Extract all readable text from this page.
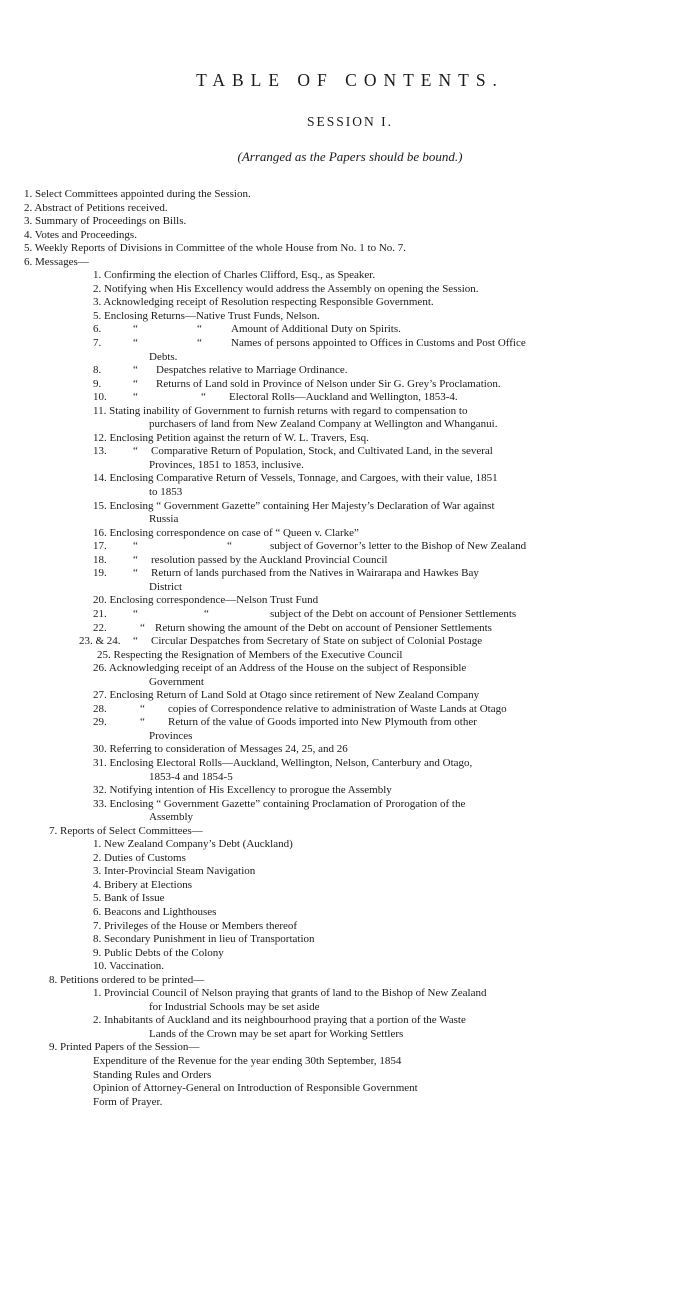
TABLE OF CONTENTS.
SESSION I.
(Arranged as the Papers should be bound.)
1. Select Committees appointed during the Session.
2. Abstract of Petitions received.
3. Summary of Proceedings on Bills.
4. Votes and Proceedings.
5. Weekly Reports of Divisions in Committee of the whole House from No. 1 to No. 7.
6. Messages—
1. Confirming the election of Charles Clifford, Esq., as Speaker.
2. Notifying when His Excellency would address the Assembly on opening the Session.
3. Acknowledging receipt of Resolution respecting Responsible Government.
5. Enclosing Returns—Native Trust Funds, Nelson.
6.	“	“	Amount of Additional Duty on Spirits.
7.	“	“	Names of persons appointed to Offices in Customs and Post Office
Debts.
8.	“ Despatches relative to Marriage Ordinance.
9.	“ Returns of Land sold in Province of Nelson under Sir G. Grey’s Proclamation.
10. “	“ Electoral Rolls—Auckland and Wellington, 1853-4.
11. Stating inability of Government to furnish returns with regard to compensation to
purchasers of land from New Zealand Company at Wellington and Whanganui.
12. Enclosing Petition against the return of W. L. Travers, Esq.
13. “ Comparative Return of Population, Stock, and Cultivated Land, in the several
Provinces, 1851 to 1853, inclusive.
14. Enclosing Comparative Return of Vessels, Tonnage, and Cargoes, with their value, 1851
to 1853
15. Enclosing “ Government Gazette” containing Her Majesty’s Declaration of War against
Russia
16. Enclosing correspondence on case of “ Queen v. Clarke”
17. “	“	subject of Governor’s letter to the Bishop of New Zealand
18. “ resolution passed by the Auckland Provincial Council
19. “ Return of lands purchased from the Natives in Wairarapa and Hawkes Bay
District
20. Enclosing correspondence—Nelson Trust Fund
21. “	“	subject of the Debt on account of Pensioner Settlements
22.	“ Return showing the amount of the Debt on account of Pensioner Settlements
23. & 24. “ Circular Despatches from Secretary of State on subject of Colonial Postage
25. Respecting the Resignation of Members of the Executive Council
26. Acknowledging receipt of an Address of the House on the subject of Responsible
Government
27. Enclosing Return of Land Sold at Otago since retirement of New Zealand Company
28.	“ copies of Correspondence relative to administration of Waste Lands at Otago
29.	“ Return of the value of Goods imported into New Plymouth from other
Provinces
30. Referring to consideration of Messages 24, 25, and 26
31. Enclosing Electoral Rolls—Auckland, Wellington, Nelson, Canterbury and Otago,
1853-4 and 1854-5
32. Notifying intention of His Excellency to prorogue the Assembly
33. Enclosing “ Government Gazette” containing Proclamation of Prorogation of the
Assembly
7. Reports of Select Committees—
1. New Zealand Company’s Debt (Auckland)
2. Duties of Customs
3. Inter-Provincial Steam Navigation
4. Bribery at Elections
5. Bank of Issue
6. Beacons and Lighthouses
7. Privileges of the House or Members thereof
8. Secondary Punishment in lieu of Transportation
9. Public Debts of the Colony
10. Vaccination.
8. Petitions ordered to be printed—
1. Provincial Council of Nelson praying that grants of land to the Bishop of New Zealand
for Industrial Schools may be set aside
2. Inhabitants of Auckland and its neighbourhood praying that a portion of the Waste
Lands of the Crown may be set apart for Working Settlers
9. Printed Papers of the Session—
Expenditure of the Revenue for the year ending 30th September, 1854
Standing Rules and Orders
Opinion of Attorney-General on Introduction of Responsible Government
Form of Prayer.
